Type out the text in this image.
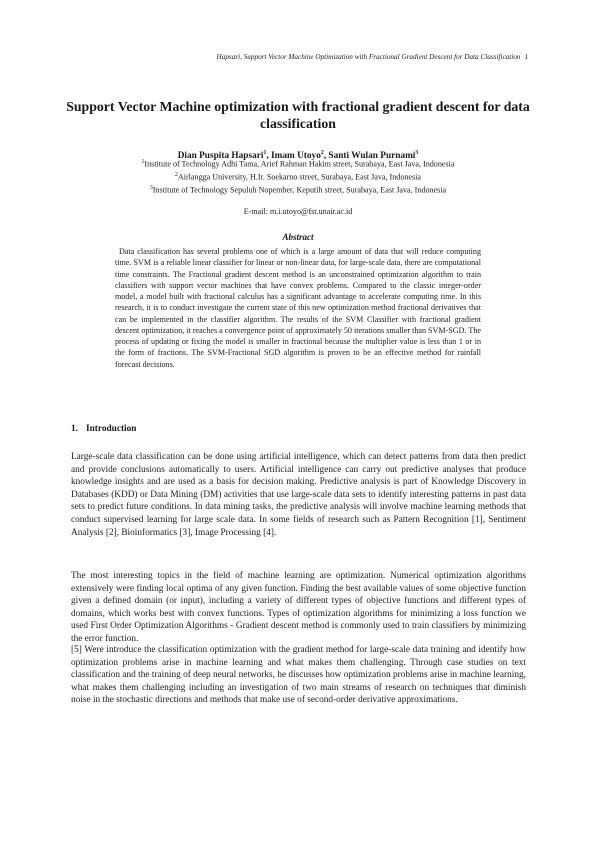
Hapsari, Support Vector Machine Optimization with Fractional Gradient Descent for Data Classification 1
Support Vector Machine optimization with fractional gradient descent for data classification
Dian Puspita Hapsari$^1$, Imam Utoyo$^2$, Santi Wulan Purnami$^3$
$^1$Institute of Technology Adhi Tama, Arief Rahman Hakim street, Surabaya, East Java, Indonesia
$^2$Airlangga University, H.Ir. Soekarno street, Surabaya, East Java, Indonesia
$^3$Institute of Technology Sepuluh Nopember, Keputih street, Surabaya, East Java, Indonesia
E-mail: m.i.utoyo@fst.unair.ac.id
Abstract

Data classification has several problems one of which is a large amount of data that will reduce computing time. SVM is a reliable linear classifier for linear or non-linear data, for large-scale data, there are computational time constraints. The Fractional gradient descent method is an unconstrained optimization algorithm to train classifiers with support vector machines that have convex problems. Compared to the classic integer-order model, a model built with fractional calculus has a significant advantage to accelerate computing time. In this research, it is to conduct investigate the current state of this new optimization method fractional derivatives that can be implemented in the classifier algorithm. The results of the SVM Classifier with fractional gradient descent optimization, it reaches a convergence point of approximately 50 iterations smaller than SVM-SGD. The process of updating or fixing the model is smaller in fractional because the multiplier value is less than 1 or in the form of fractions. The SVM-Fractional SGD algorithm is proven to be an effective method for rainfall forecast decisions.

1. Introduction

Large-scale data classification can be done using artificial intelligence, which can detect patterns from data then predict and provide conclusions automatically to users. Artificial intelligence can carry out predictive analyses that produce knowledge insights and are used as a basis for decision making. Predictive analysis is part of Knowledge Discovery in Databases (KDD) or Data Mining (DM) activities that use large-scale data sets to identify interesting patterns in past data sets to predict future conditions. In data mining tasks, the predictive analysis will involve machine learning methods that conduct supervised learning for large scale data. In some fields of research such as Pattern Recognition [1], Sentiment Analysis [2], Bioinformatics [3], Image Processing [4].

The most interesting topics in the field of machine learning are optimization. Numerical optimization algorithms extensively were finding local optima of any given function. Finding the best available values of some objective function given a defined domain (or input), including a variety of different types of objective functions and different types of domains, which works best with convex functions. Types of optimization algorithms for minimizing a loss function we used First Order Optimization Algorithms - Gradient descent method is commonly used to train classifiers by minimizing the error function.

[5] Were introduce the classification optimization with the gradient method for large-scale data training and identify how optimization problems arise in machine learning and what makes them challenging. Through case studies on text classification and the training of deep neural networks, he discusses how optimization problems arise in machine learning, what makes them challenging including an investigation of two main streams of research on techniques that diminish noise in the stochastic directions and methods that make use of second-order derivative approximations.
